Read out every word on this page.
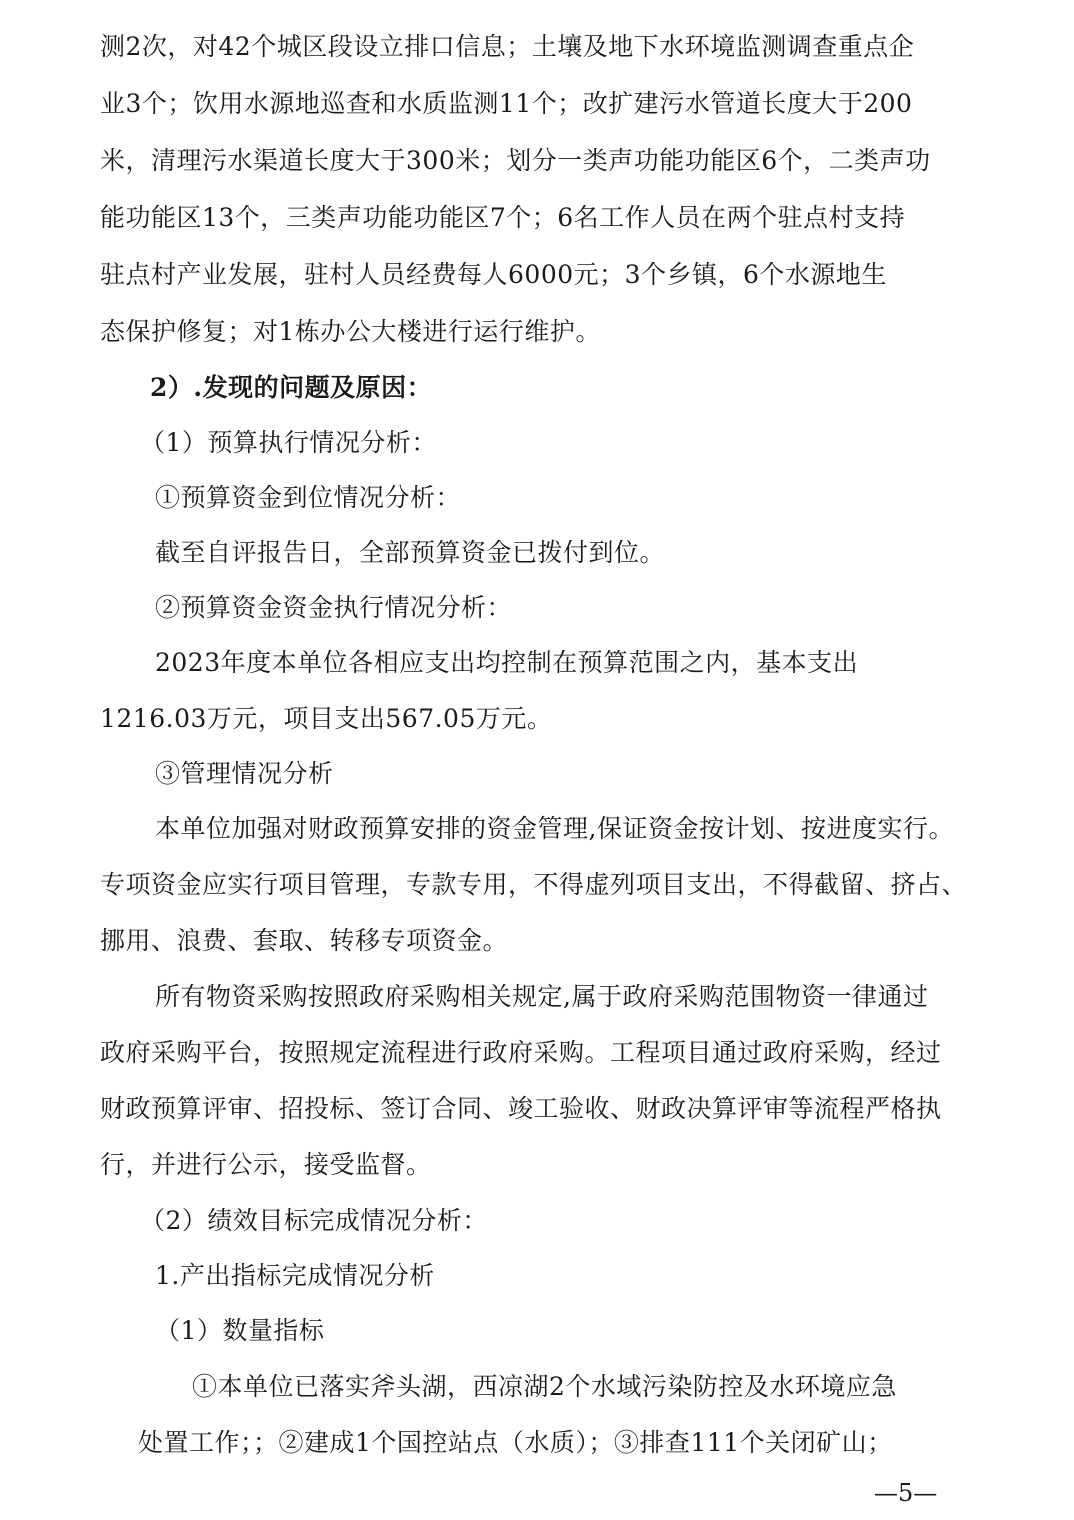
测2次，对42个城区段设立排口信息；土壤及地下水环境监测调查重点企
业3个；饮用水源地巡查和水质监测11个；改扩建污水管道长度大于200
米，清理污水渠道长度大于300米；划分一类声功能功能区6个，二类声功
能功能区13个，三类声功能功能区7个；6名工作人员在两个驻点村支持
驻点村产业发展，驻村人员经费每人6000元；3个乡镇，6个水源地生
态保护修复；对1栋办公大楼进行运行维护。
2）.发现的问题及原因：
（1）预算执行情况分析：
①预算资金到位情况分析：
截至自评报告日，全部预算资金已拨付到位。
②预算资金资金执行情况分析：
2023年度本单位各相应支出均控制在预算范围之内，基本支出
1216.03万元，项目支出567.05万元。
③管理情况分析
本单位加强对财政预算安排的资金管理,保证资金按计划、按进度实行。
专项资金应实行项目管理，专款专用，不得虚列项目支出，不得截留、挤占、
挪用、浪费、套取、转移专项资金。
所有物资采购按照政府采购相关规定,属于政府采购范围物资一律通过
政府采购平台，按照规定流程进行政府采购。工程项目通过政府采购，经过
财政预算评审、招投标、签订合同、竣工验收、财政决算评审等流程严格执
行，并进行公示，接受监督。
（2）绩效目标完成情况分析：
1.产出指标完成情况分析
（1）数量指标
①本单位已落实斧头湖，西凉湖2个水域污染防控及水环境应急
处置工作；；②建成1个国控站点（水质）；③排查111个关闭矿山；
—5—
